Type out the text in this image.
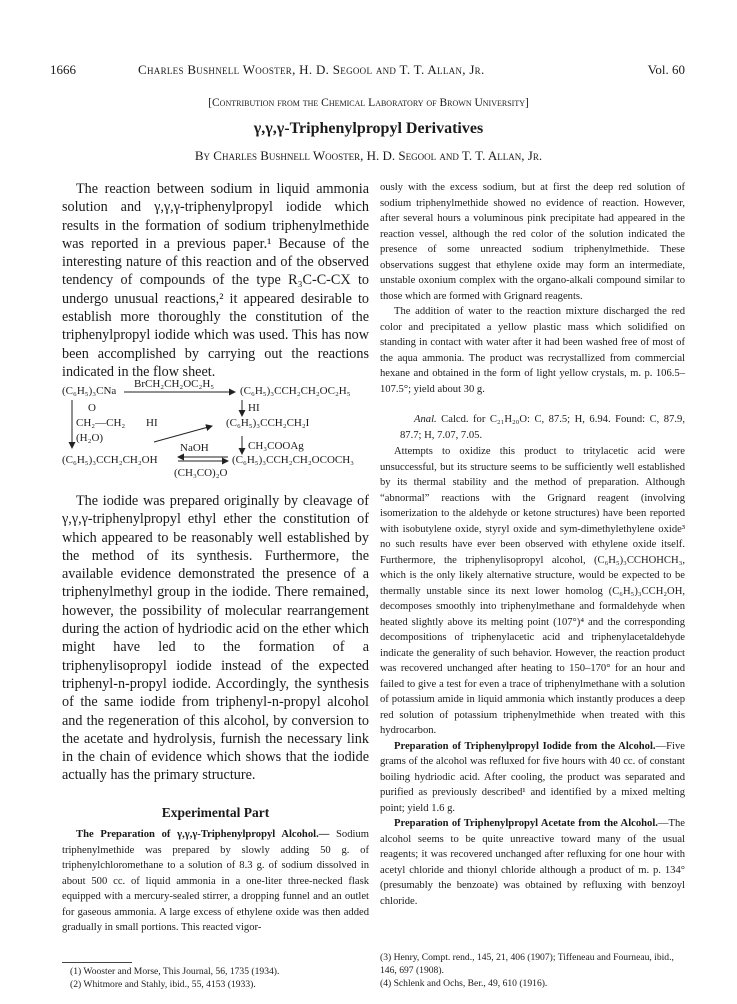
1666	Charles Bushnell Wooster, H. D. Segool and T. T. Allan, Jr.	Vol. 60
[Contribution from the Chemical Laboratory of Brown University]
γ,γ,γ-Triphenylpropyl Derivatives
By Charles Bushnell Wooster, H. D. Segool and T. T. Allan, Jr.

The reaction between sodium in liquid ammonia solution and γ,γ,γ-triphenylpropyl iodide which results in the formation of sodium triphenylmethide was reported in a previous paper.¹ Because of the interesting nature of this reaction and of the observed tendency of compounds of the type R₃C-C-CX to undergo unusual reactions,² it appeared desirable to establish more thoroughly the constitution of the triphenylpropyl iodide which was used. This has now been accomplished by carrying out the reactions indicated in the flow sheet.

BrCH₂CH₂OC₂H₅
(C₆H₅)₃CNa	(C₆H₅)₃CCH₂CH₂OC₂H₅
O
CH₂—CH₂ HI
HI
(C₆H₅)₃CCH₂CH₂I
(H₂O)
NaOH	CH₃COOAg
(C₆H₅)₃CCH₂CH₂OH	(C₆H₅)₃CCH₂CH₂OCOCH₃
(CH₃CO)₂O

The iodide was prepared originally by cleavage of γ,γ,γ-triphenylpropyl ethyl ether the constitution of which appeared to be reasonably well established by the method of its synthesis. Furthermore, the available evidence demonstrated the presence of a triphenylmethyl group in the iodide. There remained, however, the possibility of molecular rearrangement during the action of hydriodic acid on the ether which might have led to the formation of a triphenylisopropyl iodide instead of the expected triphenyl-n-propyl iodide. Accordingly, the synthesis of the same iodide from triphenyl-n-propyl alcohol and the regeneration of this alcohol, by conversion to the acetate and hydrolysis, furnish the necessary link in the chain of evidence which shows that the iodide actually has the primary structure.

Experimental Part

The Preparation of γ,γ,γ-Triphenylpropyl Alcohol.— Sodium triphenylmethide was prepared by slowly adding 50 g. of triphenylchloromethane to a solution of 8.3 g. of sodium dissolved in about 500 cc. of liquid ammonia in a one-liter three-necked flask equipped with a mercury-sealed stirrer, a dropping funnel and an outlet for gaseous ammonia. A large excess of ethylene oxide was then added gradually in small portions. This reacted vigor-

(1) Wooster and Morse, This Journal, 56, 1735 (1934).
(2) Whitmore and Stahly, ibid., 55, 4153 (1933).

ously with the excess sodium, but at first the deep red solution of sodium triphenylmethide showed no evidence of reaction. However, after several hours a voluminous pink precipitate had appeared in the reaction vessel, although the red color of the solution indicated the presence of some unreacted sodium triphenylmethide. These observations suggest that ethylene oxide may form an intermediate, unstable oxonium complex with the organo-alkali compound similar to those which are formed with Grignard reagents.

The addition of water to the reaction mixture discharged the red color and precipitated a yellow plastic mass which solidified on standing in contact with water after it had been washed free of most of the aqua ammonia. The product was recrystallized from commercial hexane and obtained in the form of light yellow crystals, m. p. 106.5–107.5°; yield about 30 g.

Anal. Calcd. for C₂₁H₂₀O: C, 87.5; H, 6.94. Found: C, 87.9, 87.7; H, 7.07, 7.05.

Attempts to oxidize this product to tritylacetic acid were unsuccessful, but its structure seems to be sufficiently well established by its thermal stability and the method of preparation. Although “abnormal” reactions with the Grignard reagent (involving isomerization to the aldehyde or ketone structures) have been reported with isobutylene oxide, styryl oxide and sym-dimethylethylene oxide³ no such results have ever been observed with ethylene oxide itself. Furthermore, the triphenylisopropyl alcohol, (C₆H₅)₃CCHOHCH₃, which is the only likely alternative structure, would be expected to be thermally unstable since its next lower homolog (C₆H₅)₃CCH₂OH, decomposes smoothly into triphenylmethane and formaldehyde when heated slightly above its melting point (107°)⁴ and the corresponding decompositions of triphenylacetic acid and triphenylacetaldehyde indicate the generality of such behavior. However, the reaction product was recovered unchanged after heating to 150–170° for an hour and failed to give a test for even a trace of triphenylmethane with a solution of potassium amide in liquid ammonia which instantly produces a deep red solution of potassium triphenylmethide when treated with this hydrocarbon.

Preparation of Triphenylpropyl Iodide from the Alcohol.—Five grams of the alcohol was refluxed for five hours with 40 cc. of constant boiling hydriodic acid. After cooling, the product was separated and purified as previously described¹ and identified by a mixed melting point; yield 1.6 g.

Preparation of Triphenylpropyl Acetate from the Alcohol.—The alcohol seems to be quite unreactive toward many of the usual reagents; it was recovered unchanged after refluxing for one hour with acetyl chloride and thionyl chloride although a product of m. p. 134° (presumably the benzoate) was obtained by refluxing with benzoyl chloride.

(3) Henry, Compt. rend., 145, 21, 406 (1907); Tiffeneau and Fourneau, ibid., 146, 697 (1908).
(4) Schlenk and Ochs, Ber., 49, 610 (1916).
